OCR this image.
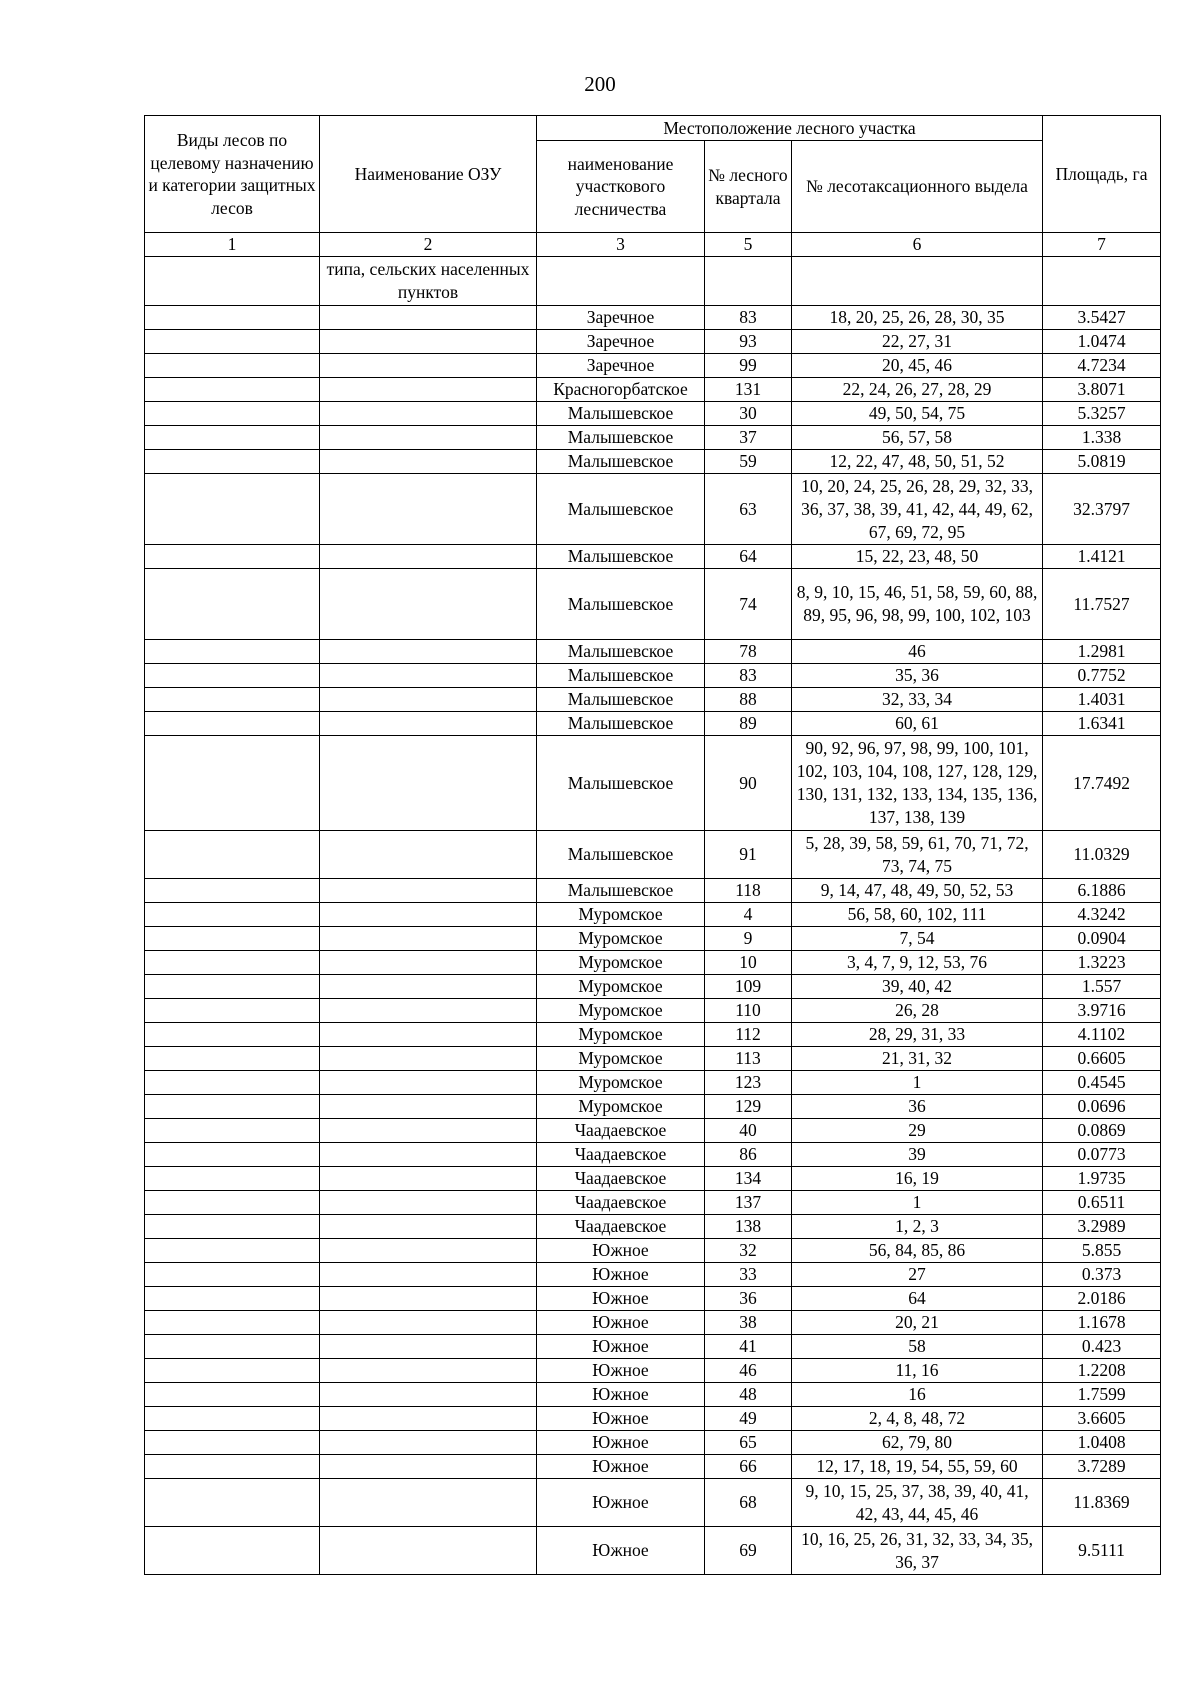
200
Виды лесов по целевому назначению и категории защитных лесов	Наименование ОЗУ	Местоположение лесного участка			Площадь, га
		наименование участкового лесничества	№ лесного квартала	№ лесотаксационного выдела	
1	2	3	5	6	7
	типа, сельских населенных пунктов				
		Заречное	83	18, 20, 25, 26, 28, 30, 35	3.5427
		Заречное	93	22, 27, 31	1.0474
		Заречное	99	20, 45, 46	4.7234
		Красногорбатское	131	22, 24, 26, 27, 28, 29	3.8071
		Малышевское	30	49, 50, 54, 75	5.3257
		Малышевское	37	56, 57, 58	1.338
		Малышевское	59	12, 22, 47, 48, 50, 51, 52	5.0819
		Малышевское	63	10, 20, 24, 25, 26, 28, 29, 32, 33, 36, 37, 38, 39, 41, 42, 44, 49, 62, 67, 69, 72, 95	32.3797
		Малышевское	64	15, 22, 23, 48, 50	1.4121
		Малышевское	74	8, 9, 10, 15, 46, 51, 58, 59, 60, 88, 89, 95, 96, 98, 99, 100, 102, 103	11.7527
		Малышевское	78	46	1.2981
		Малышевское	83	35, 36	0.7752
		Малышевское	88	32, 33, 34	1.4031
		Малышевское	89	60, 61	1.6341
		Малышевское	90	90, 92, 96, 97, 98, 99, 100, 101, 102, 103, 104, 108, 127, 128, 129, 130, 131, 132, 133, 134, 135, 136, 137, 138, 139	17.7492
		Малышевское	91	5, 28, 39, 58, 59, 61, 70, 71, 72, 73, 74, 75	11.0329
		Малышевское	118	9, 14, 47, 48, 49, 50, 52, 53	6.1886
		Муромское	4	56, 58, 60, 102, 111	4.3242
		Муромское	9	7, 54	0.0904
		Муромское	10	3, 4, 7, 9, 12, 53, 76	1.3223
		Муромское	109	39, 40, 42	1.557
		Муромское	110	26, 28	3.9716
		Муромское	112	28, 29, 31, 33	4.1102
		Муромское	113	21, 31, 32	0.6605
		Муромское	123	1	0.4545
		Муромское	129	36	0.0696
		Чаадаевское	40	29	0.0869
		Чаадаевское	86	39	0.0773
		Чаадаевское	134	16, 19	1.9735
		Чаадаевское	137	1	0.6511
		Чаадаевское	138	1, 2, 3	3.2989
		Южное	32	56, 84, 85, 86	5.855
		Южное	33	27	0.373
		Южное	36	64	2.0186
		Южное	38	20, 21	1.1678
		Южное	41	58	0.423
		Южное	46	11, 16	1.2208
		Южное	48	16	1.7599
		Южное	49	2, 4, 8, 48, 72	3.6605
		Южное	65	62, 79, 80	1.0408
		Южное	66	12, 17, 18, 19, 54, 55, 59, 60	3.7289
		Южное	68	9, 10, 15, 25, 37, 38, 39, 40, 41, 42, 43, 44, 45, 46	11.8369
		Южное	69	10, 16, 25, 26, 31, 32, 33, 34, 35, 36, 37	9.5111
